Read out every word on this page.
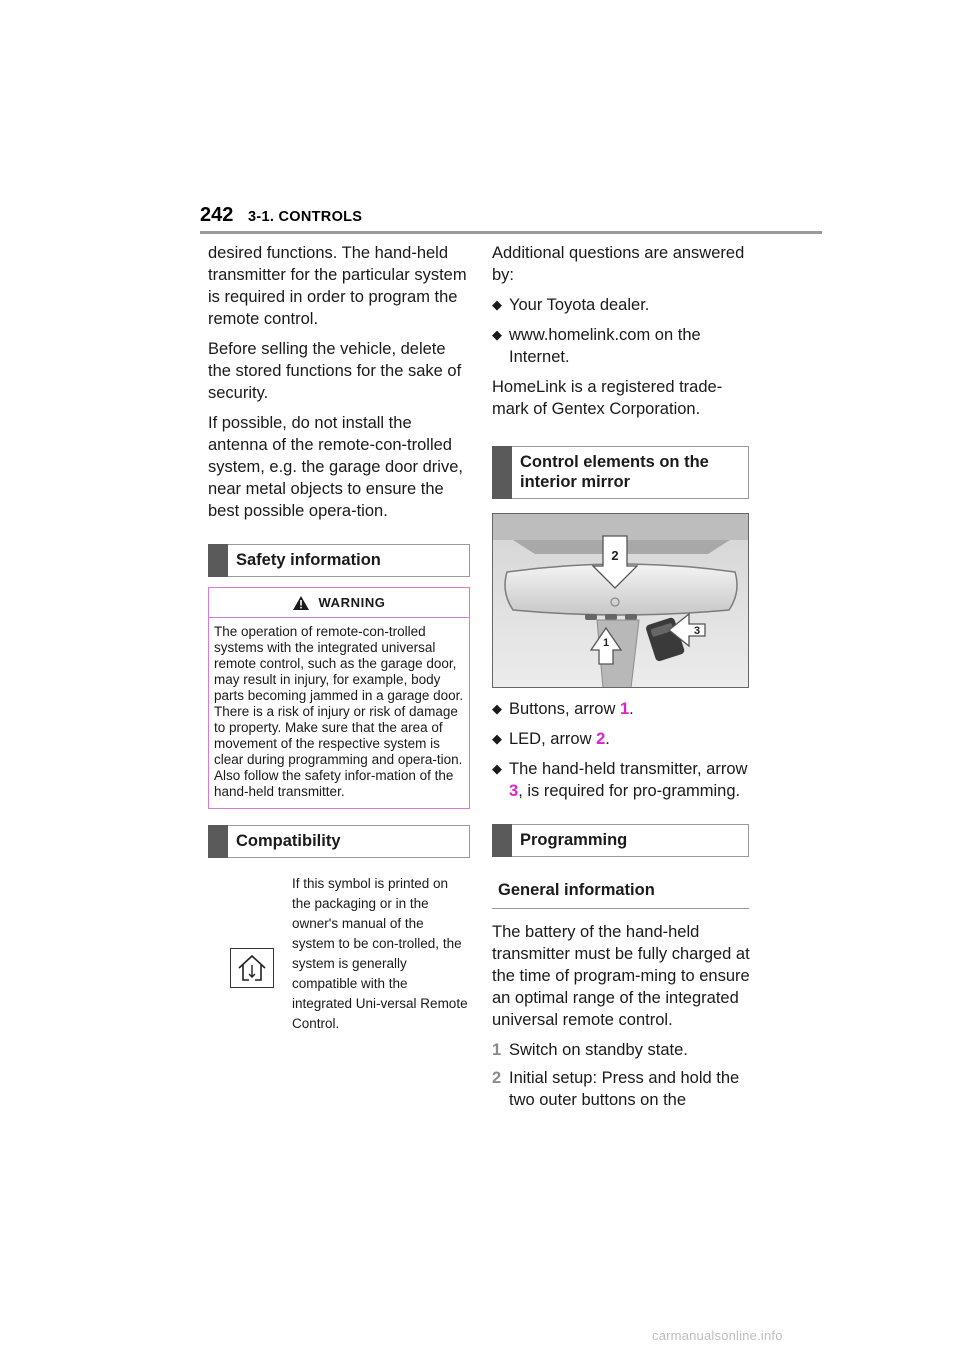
242 3-1. CONTROLS

desired functions. The hand-held transmitter for the particular system is required in order to program the remote control.

Before selling the vehicle, delete the stored functions for the sake of security.

If possible, do not install the antenna of the remote-con-trolled system, e.g. the garage door drive, near metal objects to ensure the best possible opera-tion.

Safety information
WARNING
The operation of remote-con-trolled systems with the integrated universal remote control, such as the garage door, may result in injury, for example, body parts becoming jammed in a garage door. There is a risk of injury or risk of damage to property. Make sure that the area of movement of the respective system is clear during programming and opera-tion. Also follow the safety infor-mation of the hand-held transmitter.
Compatibility
If this symbol is printed on the packaging or in the owner's manual of the system to be con-trolled, the system is generally compatible with the integrated Uni-versal Remote Control.

Additional questions are answered by:

◆ Your Toyota dealer.
◆ www.homelink.com on the Internet.

HomeLink is a registered trade-mark of Gentex Corporation.

Control elements on the interior mirror
2
1
3
◆ Buttons, arrow 1.
◆ LED, arrow 2.
◆ The hand-held transmitter, arrow 3, is required for pro-gramming.
Programming
General information

The battery of the hand-held transmitter must be fully charged at the time of program-ming to ensure an optimal range of the integrated universal remote control.

1 Switch on standby state.
2 Initial setup: Press and hold the two outer buttons on the
carmanualsonline.info
